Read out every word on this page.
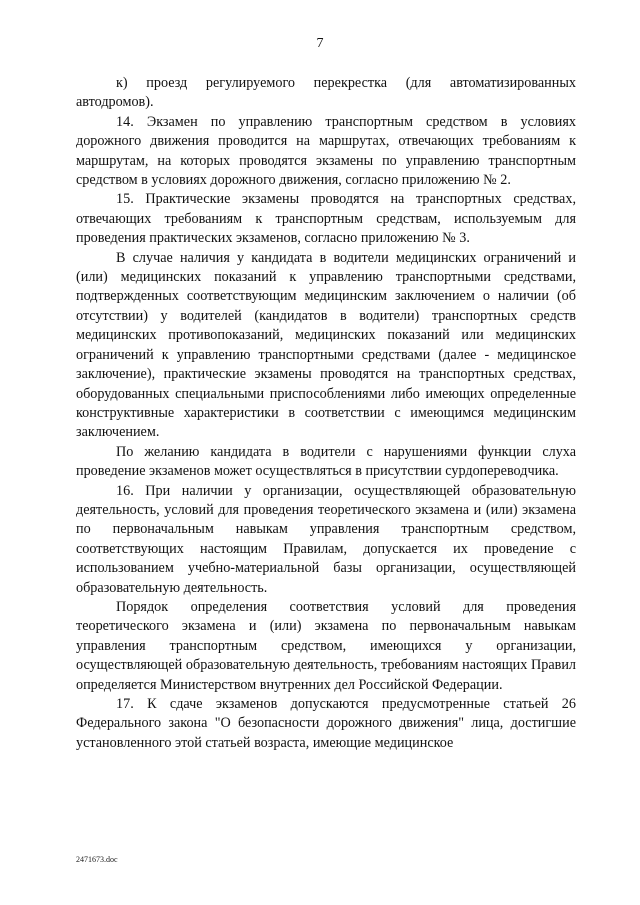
7

к) проезд регулируемого перекрестка (для автоматизированных автодромов).

14. Экзамен по управлению транспортным средством в условиях дорожного движения проводится на маршрутах, отвечающих требованиям к маршрутам, на которых проводятся экзамены по управлению транспортным средством в условиях дорожного движения, согласно приложению № 2.

15. Практические экзамены проводятся на транспортных средствах, отвечающих требованиям к транспортным средствам, используемым для проведения практических экзаменов, согласно приложению № 3.

В случае наличия у кандидата в водители медицинских ограничений и (или) медицинских показаний к управлению транспортными средствами, подтвержденных соответствующим медицинским заключением о наличии (об отсутствии) у водителей (кандидатов в водители) транспортных средств медицинских противопоказаний, медицинских показаний или медицинских ограничений к управлению транспортными средствами (далее - медицинское заключение), практические экзамены проводятся на транспортных средствах, оборудованных специальными приспособлениями либо имеющих определенные конструктивные характеристики в соответствии с имеющимся медицинским заключением.

По желанию кандидата в водители с нарушениями функции слуха проведение экзаменов может осуществляться в присутствии сурдопереводчика.

16. При наличии у организации, осуществляющей образовательную деятельность, условий для проведения теоретического экзамена и (или) экзамена по первоначальным навыкам управления транспортным средством, соответствующих настоящим Правилам, допускается их проведение с использованием учебно-материальной базы организации, осуществляющей образовательную деятельность.

Порядок определения соответствия условий для проведения теоретического экзамена и (или) экзамена по первоначальным навыкам управления транспортным средством, имеющихся у организации, осуществляющей образовательную деятельность, требованиям настоящих Правил определяется Министерством внутренних дел Российской Федерации.

17. К сдаче экзаменов допускаются предусмотренные статьей 26 Федерального закона "О безопасности дорожного движения" лица, достигшие установленного этой статьей возраста, имеющие медицинское

2471673.doc
